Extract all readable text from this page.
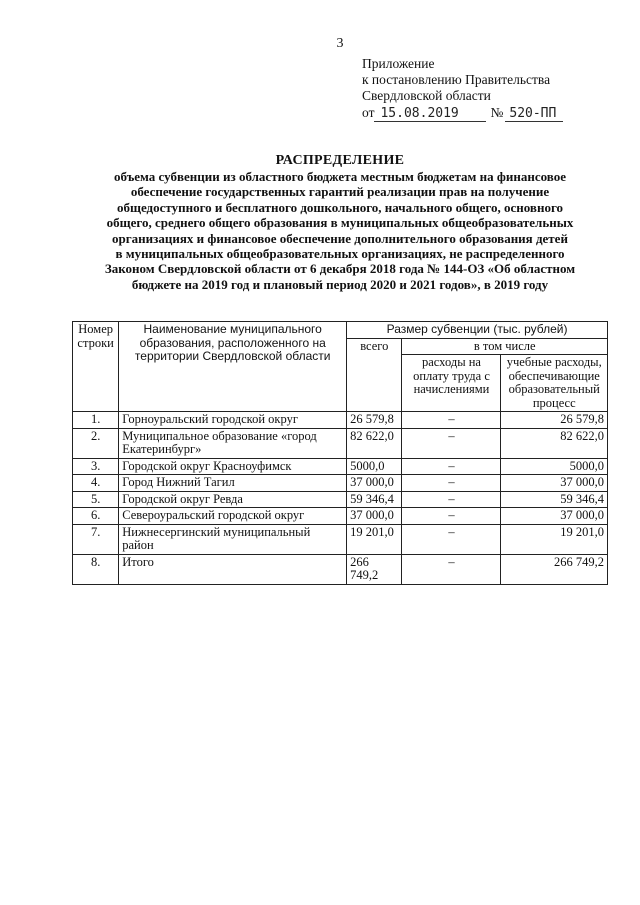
3
Приложение
к постановлению Правительства
Свердловской области
от 15.08.2019 № 520-ПП
РАСПРЕДЕЛЕНИЕ
объема субвенции из областного бюджета местным бюджетам на финансовое
обеспечение государственных гарантий реализации прав на получение
общедоступного и бесплатного дошкольного, начального общего, основного
общего, среднего общего образования в муниципальных общеобразовательных
организациях и финансовое обеспечение дополнительного образования детей
в муниципальных общеобразовательных организациях, не распределенного
Законом Свердловской области от 6 декабря 2018 года № 144-ОЗ «Об областном
бюджете на 2019 год и плановый период 2020 и 2021 годов», в 2019 году
Номер строки	Наименование муниципального образования, расположенного на территории Свердловской области	Размер субвенции (тыс. рублей)		
		всего	в том числе	
			расходы на оплату труда с начислениями	учебные расходы, обеспечивающие образовательный процесс
1.	Горноуральский городской округ	26 579,8	–	26 579,8
2.	Муниципальное образование «город Екатеринбург»	82 622,0	–	82 622,0
3.	Городской округ Красноуфимск	5000,0	–	5000,0
4.	Город Нижний Тагил	37 000,0	–	37 000,0
5.	Городской округ Ревда	59 346,4	–	59 346,4
6.	Североуральский городской округ	37 000,0	–	37 000,0
7.	Нижнесергинский муниципальный район	19 201,0	–	19 201,0
8.	Итого	266 749,2	–	266 749,2
